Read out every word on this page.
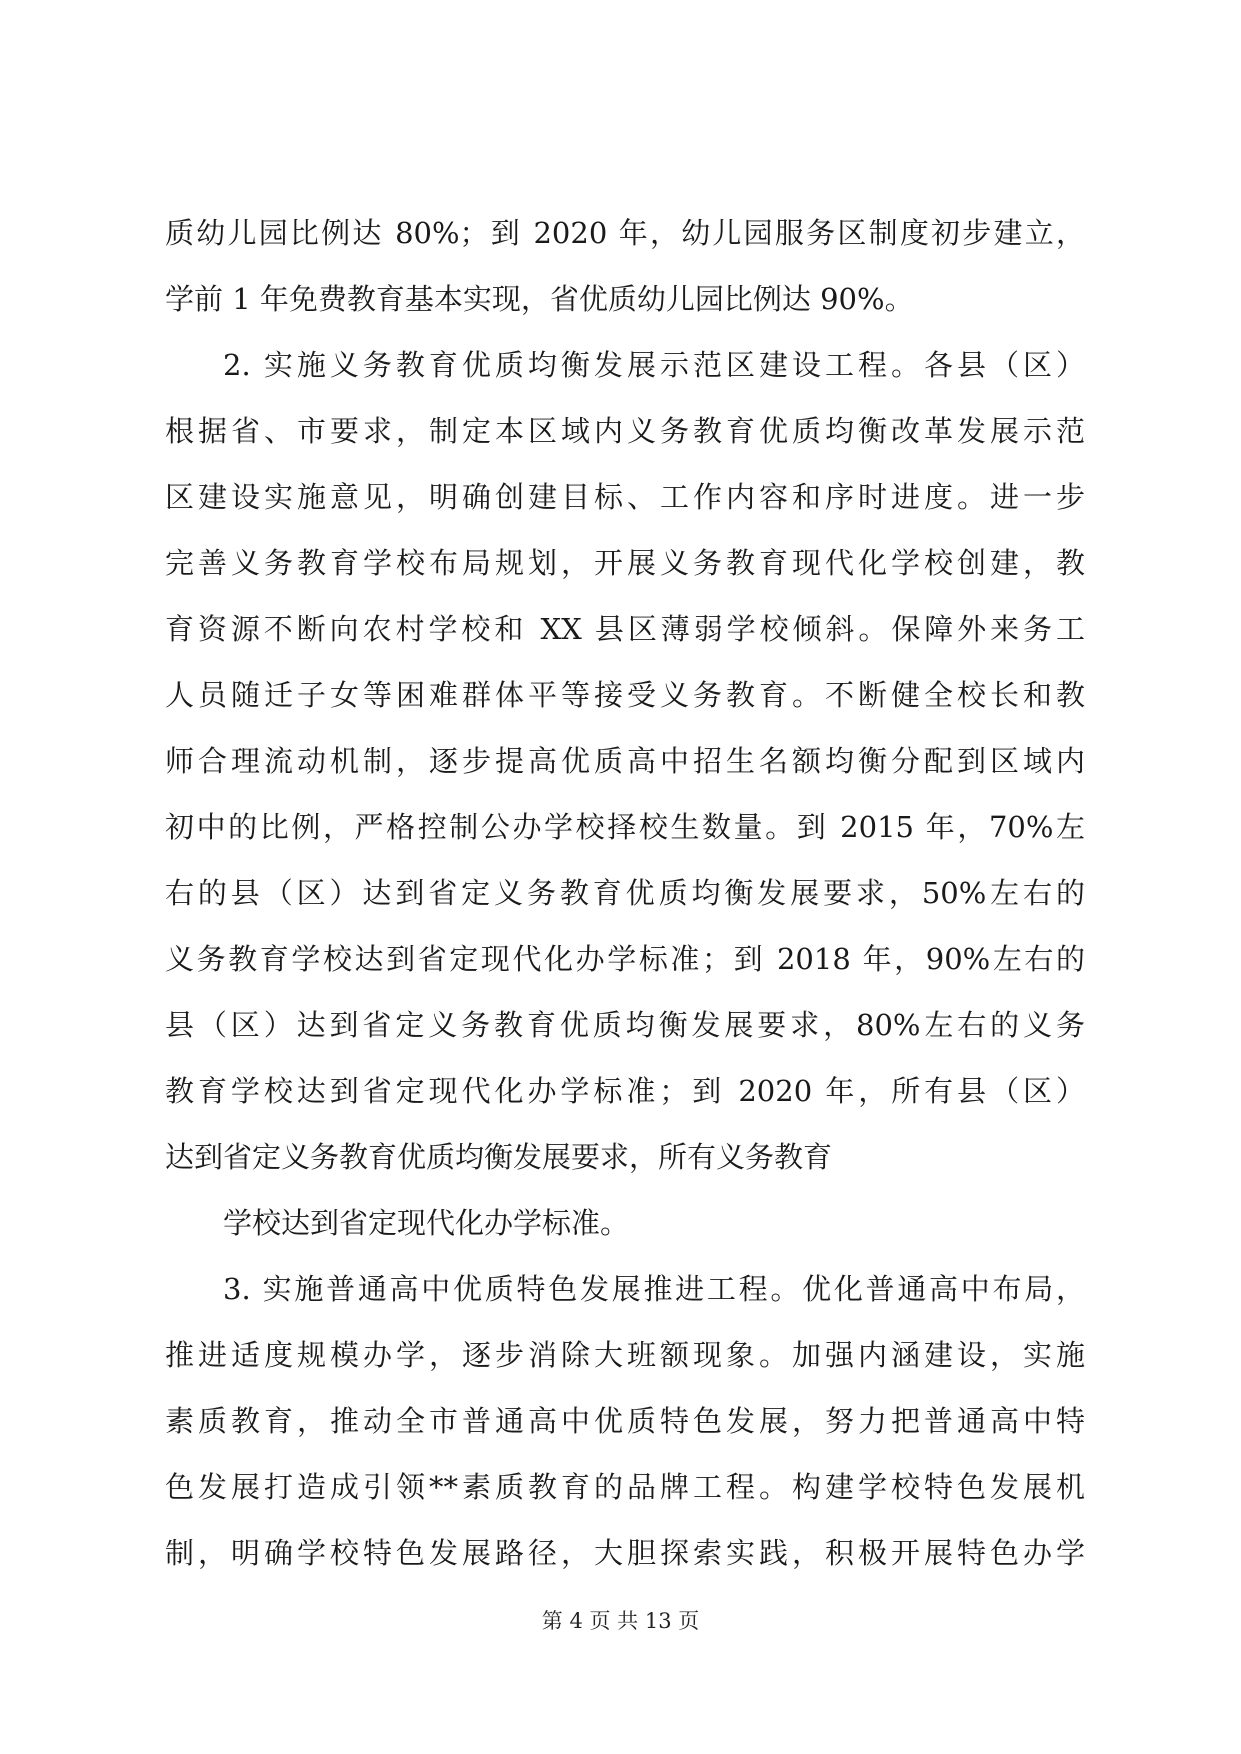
质幼儿园比例达 80%；到 2020 年，幼儿园服务区制度初步建立，
学前 1 年免费教育基本实现，省优质幼儿园比例达 90%。
2. 实施义务教育优质均衡发展示范区建设工程。各县（区）
根据省、市要求，制定本区域内义务教育优质均衡改革发展示范
区建设实施意见，明确创建目标、工作内容和序时进度。进一步
完善义务教育学校布局规划，开展义务教育现代化学校创建，教
育资源不断向农村学校和 XX 县区薄弱学校倾斜。保障外来务工
人员随迁子女等困难群体平等接受义务教育。不断健全校长和教
师合理流动机制，逐步提高优质高中招生名额均衡分配到区域内
初中的比例，严格控制公办学校择校生数量。到 2015 年，70%左
右的县（区）达到省定义务教育优质均衡发展要求，50%左右的
义务教育学校达到省定现代化办学标准；到 2018 年，90%左右的
县（区）达到省定义务教育优质均衡发展要求，80%左右的义务
教育学校达到省定现代化办学标准；到 2020 年，所有县（区）
达到省定义务教育优质均衡发展要求，所有义务教育
学校达到省定现代化办学标准。
3. 实施普通高中优质特色发展推进工程。优化普通高中布局，
推进适度规模办学，逐步消除大班额现象。加强内涵建设，实施
素质教育，推动全市普通高中优质特色发展，努力把普通高中特
色发展打造成引领**素质教育的品牌工程。构建学校特色发展机
制，明确学校特色发展路径，大胆探索实践，积极开展特色办学
第 4 页 共 13 页
